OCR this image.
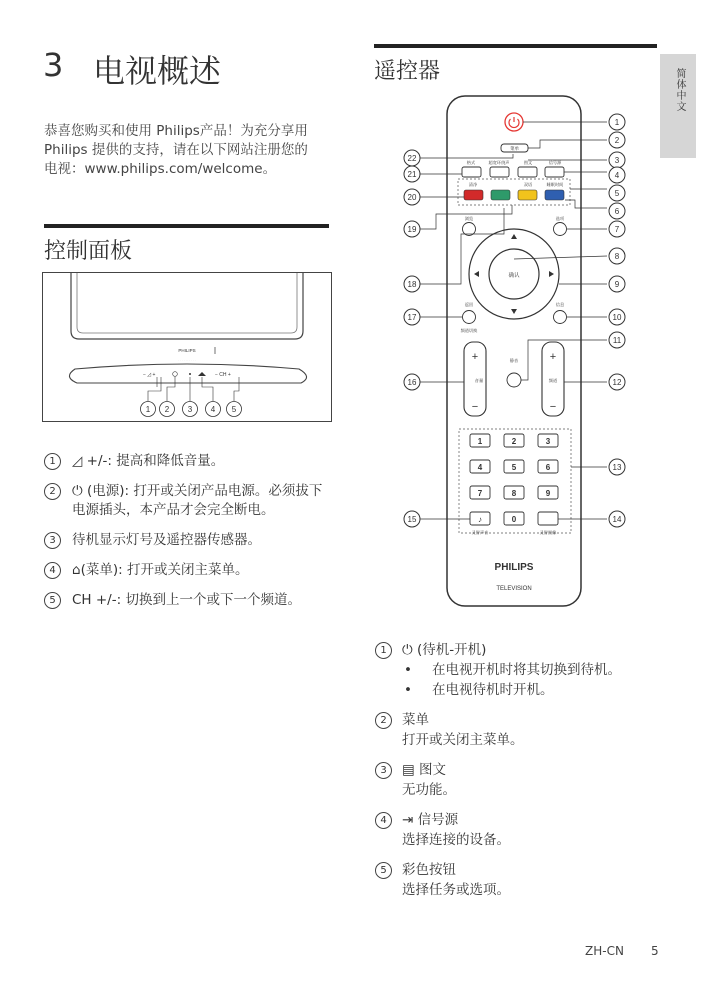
3 电视概述
恭喜您购买和使用 Philips产品！为充分享用Philips 提供的支持，请在以下网站注册您的电视：www.philips.com/welcome。
控制面板
PHILIPS
· · · · · · · · · ·
− ◿ +	− CH +
1 2 3 4 5
1	◿ +/-: 提高和降低音量。
2	⏻ (电源): 打开或关闭产品电源。必须拔下电源插头，本产品才会完全断电。
3	待机显示灯号及遥控器传感器。
4	⌂(菜单): 打开或关闭主菜单。
5	CH +/-: 切换到上一个或下一个频道。
遥控器	简体中文
菜单
格式	超宽环绕声	图文	信号源
清净	双语	睡眠时间
浏览	选项
确认
返回	信息
频道切换
+
−
+
−
音量	频道
静音
1	2	3
4	5	6
7	8	9
0
♪
灵智声音	灵智图像
PHILIPS
TELEVISION
1
2
3
4
5
6
7
8
9
10
11
12
13
14
15
16
17
18
19
20
21
22
1	⏻ (待机-开机)
• 在电视开机时将其切换到待机。
• 在电视待机时开机。
2	菜单
打开或关闭主菜单。
3	▤ 图文
无功能。
4	⇥ 信号源
选择连接的设备。
5	彩色按钮
选择任务或选项。
ZH-CN 5
